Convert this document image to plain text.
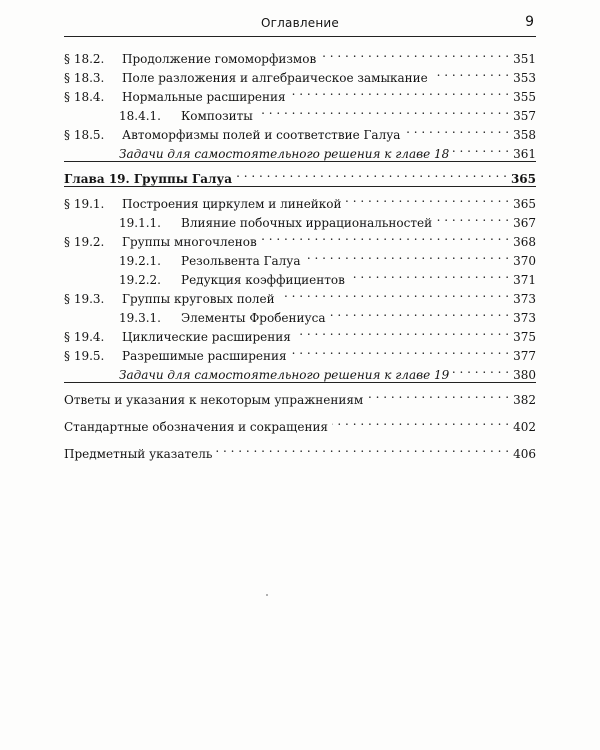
Оглавление	9
§ 18.2.	Продолжение гомоморфизмов . . .	351
§ 18.3.	Поле разложения и алгебраическое замыкание . . .	353
§ 18.4.	Нормальные расширения . . .	355
18.4.1.	Композиты . . .	357
§ 18.5.	Автоморфизмы полей и соответствие Галуа . . .	358
Задачи для самостоятельного решения к главе 18 . . .	361
Глава 19. Группы Галуа . . .	365
§ 19.1.	Построения циркулем и линейкой . . .	365
19.1.1.	Влияние побочных иррациональностей . . .	367
§ 19.2.	Группы многочленов . . .	368
19.2.1.	Резольвента Галуа . . .	370
19.2.2.	Редукция коэффициентов . . .	371
§ 19.3.	Группы круговых полей . . .	373
19.3.1.	Элементы Фробениуса . . .	373
§ 19.4.	Циклические расширения . . .	375
§ 19.5.	Разрешимые расширения . . .	377
Задачи для самостоятельного решения к главе 19 . . .	380
Ответы и указания к некоторым упражнениям . . .	382
Стандартные обозначения и сокращения . . .	402
Предметный указатель . . .	406
